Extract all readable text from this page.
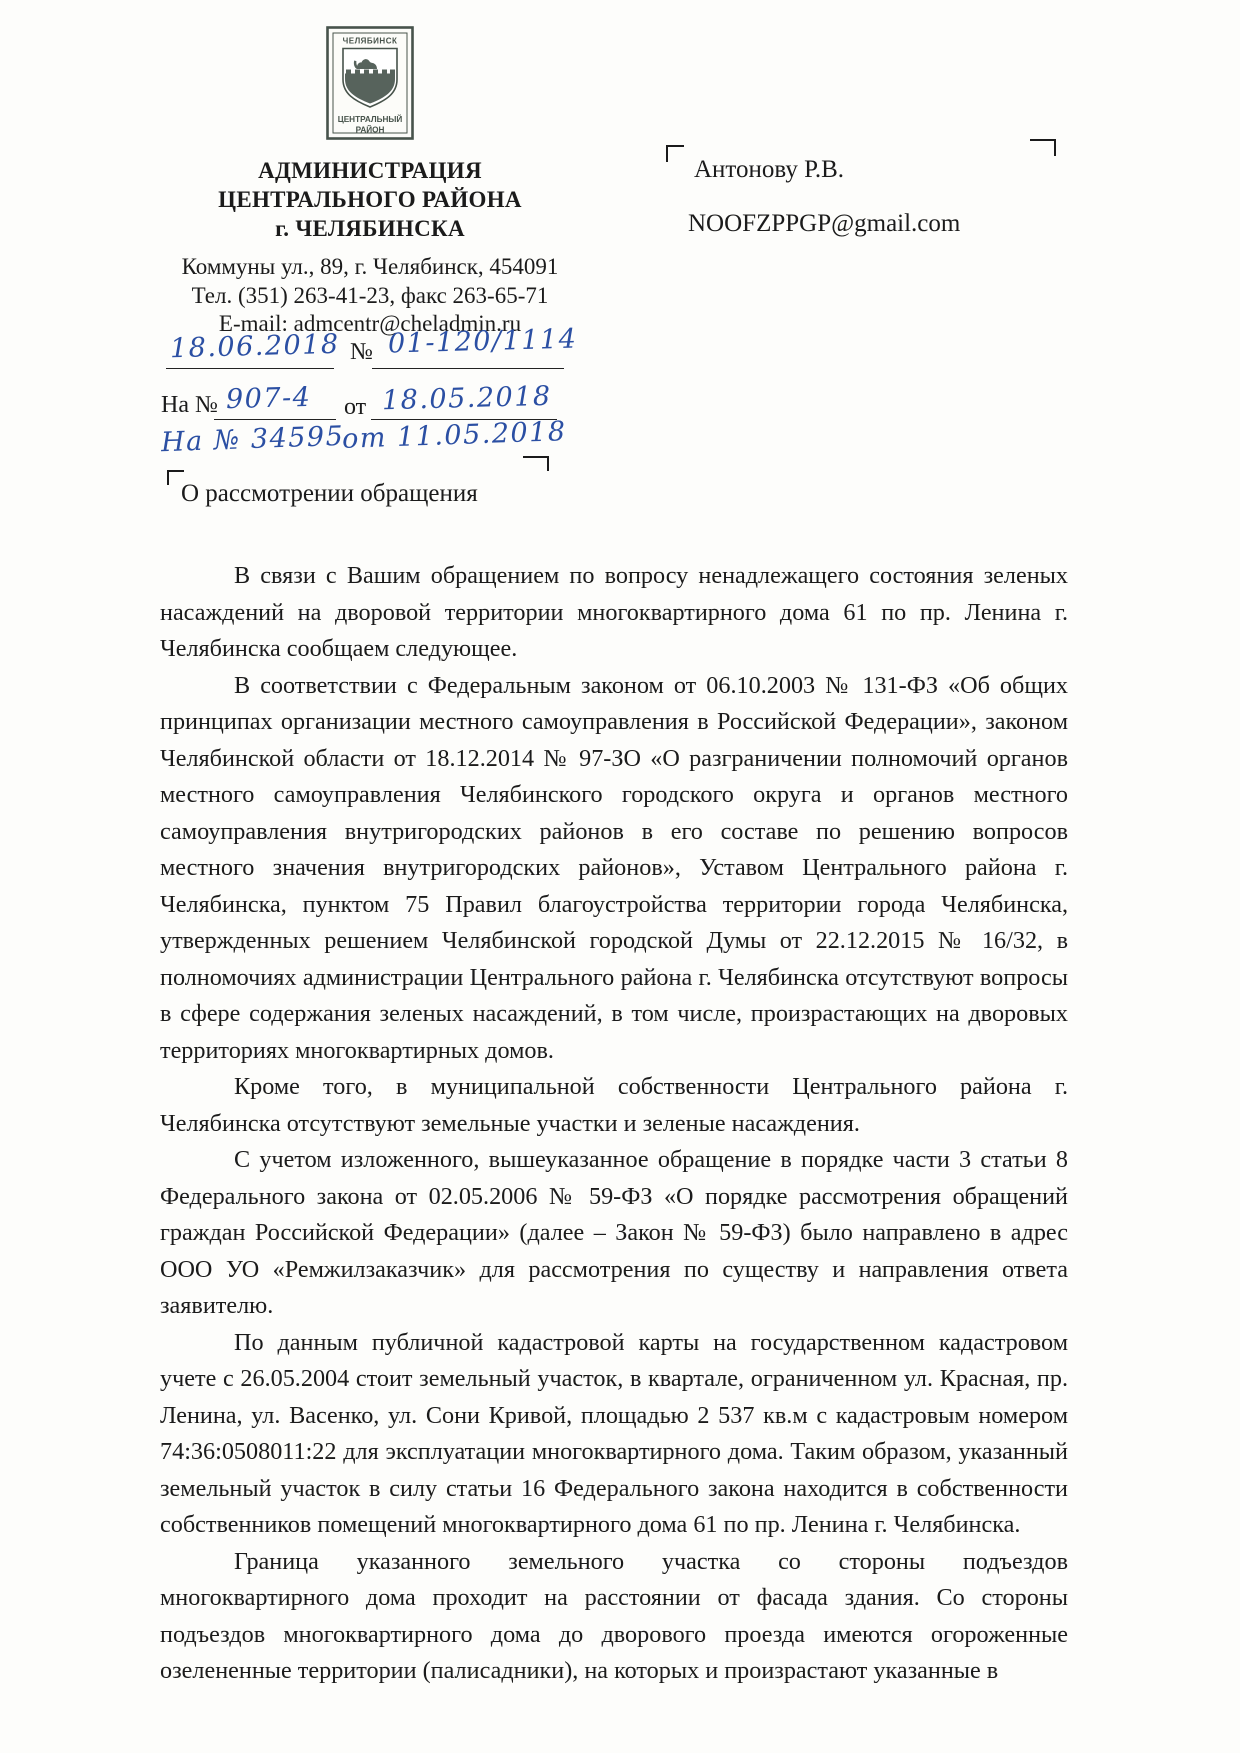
ЧЕЛЯБИНСК
ЦЕНТРАЛЬНЫЙ
РАЙОН
АДМИНИСТРАЦИЯ
ЦЕНТРАЛЬНОГО РАЙОНА
г. ЧЕЛЯБИНСКА
Коммуны ул., 89, г. Челябинск, 454091
Тел. (351) 263-41-23, факс 263-65-71
E-mail: admcentr@cheladmin.ru
18.06.2018 № 01-120/1114
На № 907-4 от 18.05.2018
На № 34595
от 11.05.2018
Антонову Р.В.
NOOFZPPGP@gmail.com
О рассмотрении обращения

В связи с Вашим обращением по вопросу ненадлежащего состояния зеленых насаждений на дворовой территории многоквартирного дома 61 по пр. Ленина г. Челябинска сообщаем следующее.

В соответствии с Федеральным законом от 06.10.2003 № 131-ФЗ «Об общих принципах организации местного самоуправления в Российской Федерации», законом Челябинской области от 18.12.2014 № 97-ЗО «О разграничении полномочий органов местного самоуправления Челябинского городского округа и органов местного самоуправления внутригородских районов в его составе по решению вопросов местного значения внутригородских районов», Уставом Центрального района г. Челябинска, пунктом 75 Правил благоустройства территории города Челябинска, утвержденных решением Челябинской городской Думы от 22.12.2015 № 16/32, в полномочиях администрации Центрального района г. Челябинска отсутствуют вопросы в сфере содержания зеленых насаждений, в том числе, произрастающих на дворовых территориях многоквартирных домов.

Кроме того, в муниципальной собственности Центрального района г. Челябинска отсутствуют земельные участки и зеленые насаждения.

С учетом изложенного, вышеуказанное обращение в порядке части 3 статьи 8 Федерального закона от 02.05.2006 № 59-ФЗ «О порядке рассмотрения обращений граждан Российской Федерации» (далее – Закон № 59-ФЗ) было направлено в адрес ООО УО «Ремжилзаказчик» для рассмотрения по существу и направления ответа заявителю.

По данным публичной кадастровой карты на государственном кадастровом учете с 26.05.2004 стоит земельный участок, в квартале, ограниченном ул. Красная, пр. Ленина, ул. Васенко, ул. Сони Кривой, площадью 2 537 кв.м с кадастровым номером 74:36:0508011:22 для эксплуатации многоквартирного дома. Таким образом, указанный земельный участок в силу статьи 16 Федерального закона находится в собственности собственников помещений многоквартирного дома 61 по пр. Ленина г. Челябинска.

Граница указанного земельного участка со стороны подъездов многоквартирного дома проходит на расстоянии от фасада здания. Со стороны подъездов многоквартирного дома до дворового проезда имеются огороженные озелененные территории (палисадники), на которых и произрастают указанные в
